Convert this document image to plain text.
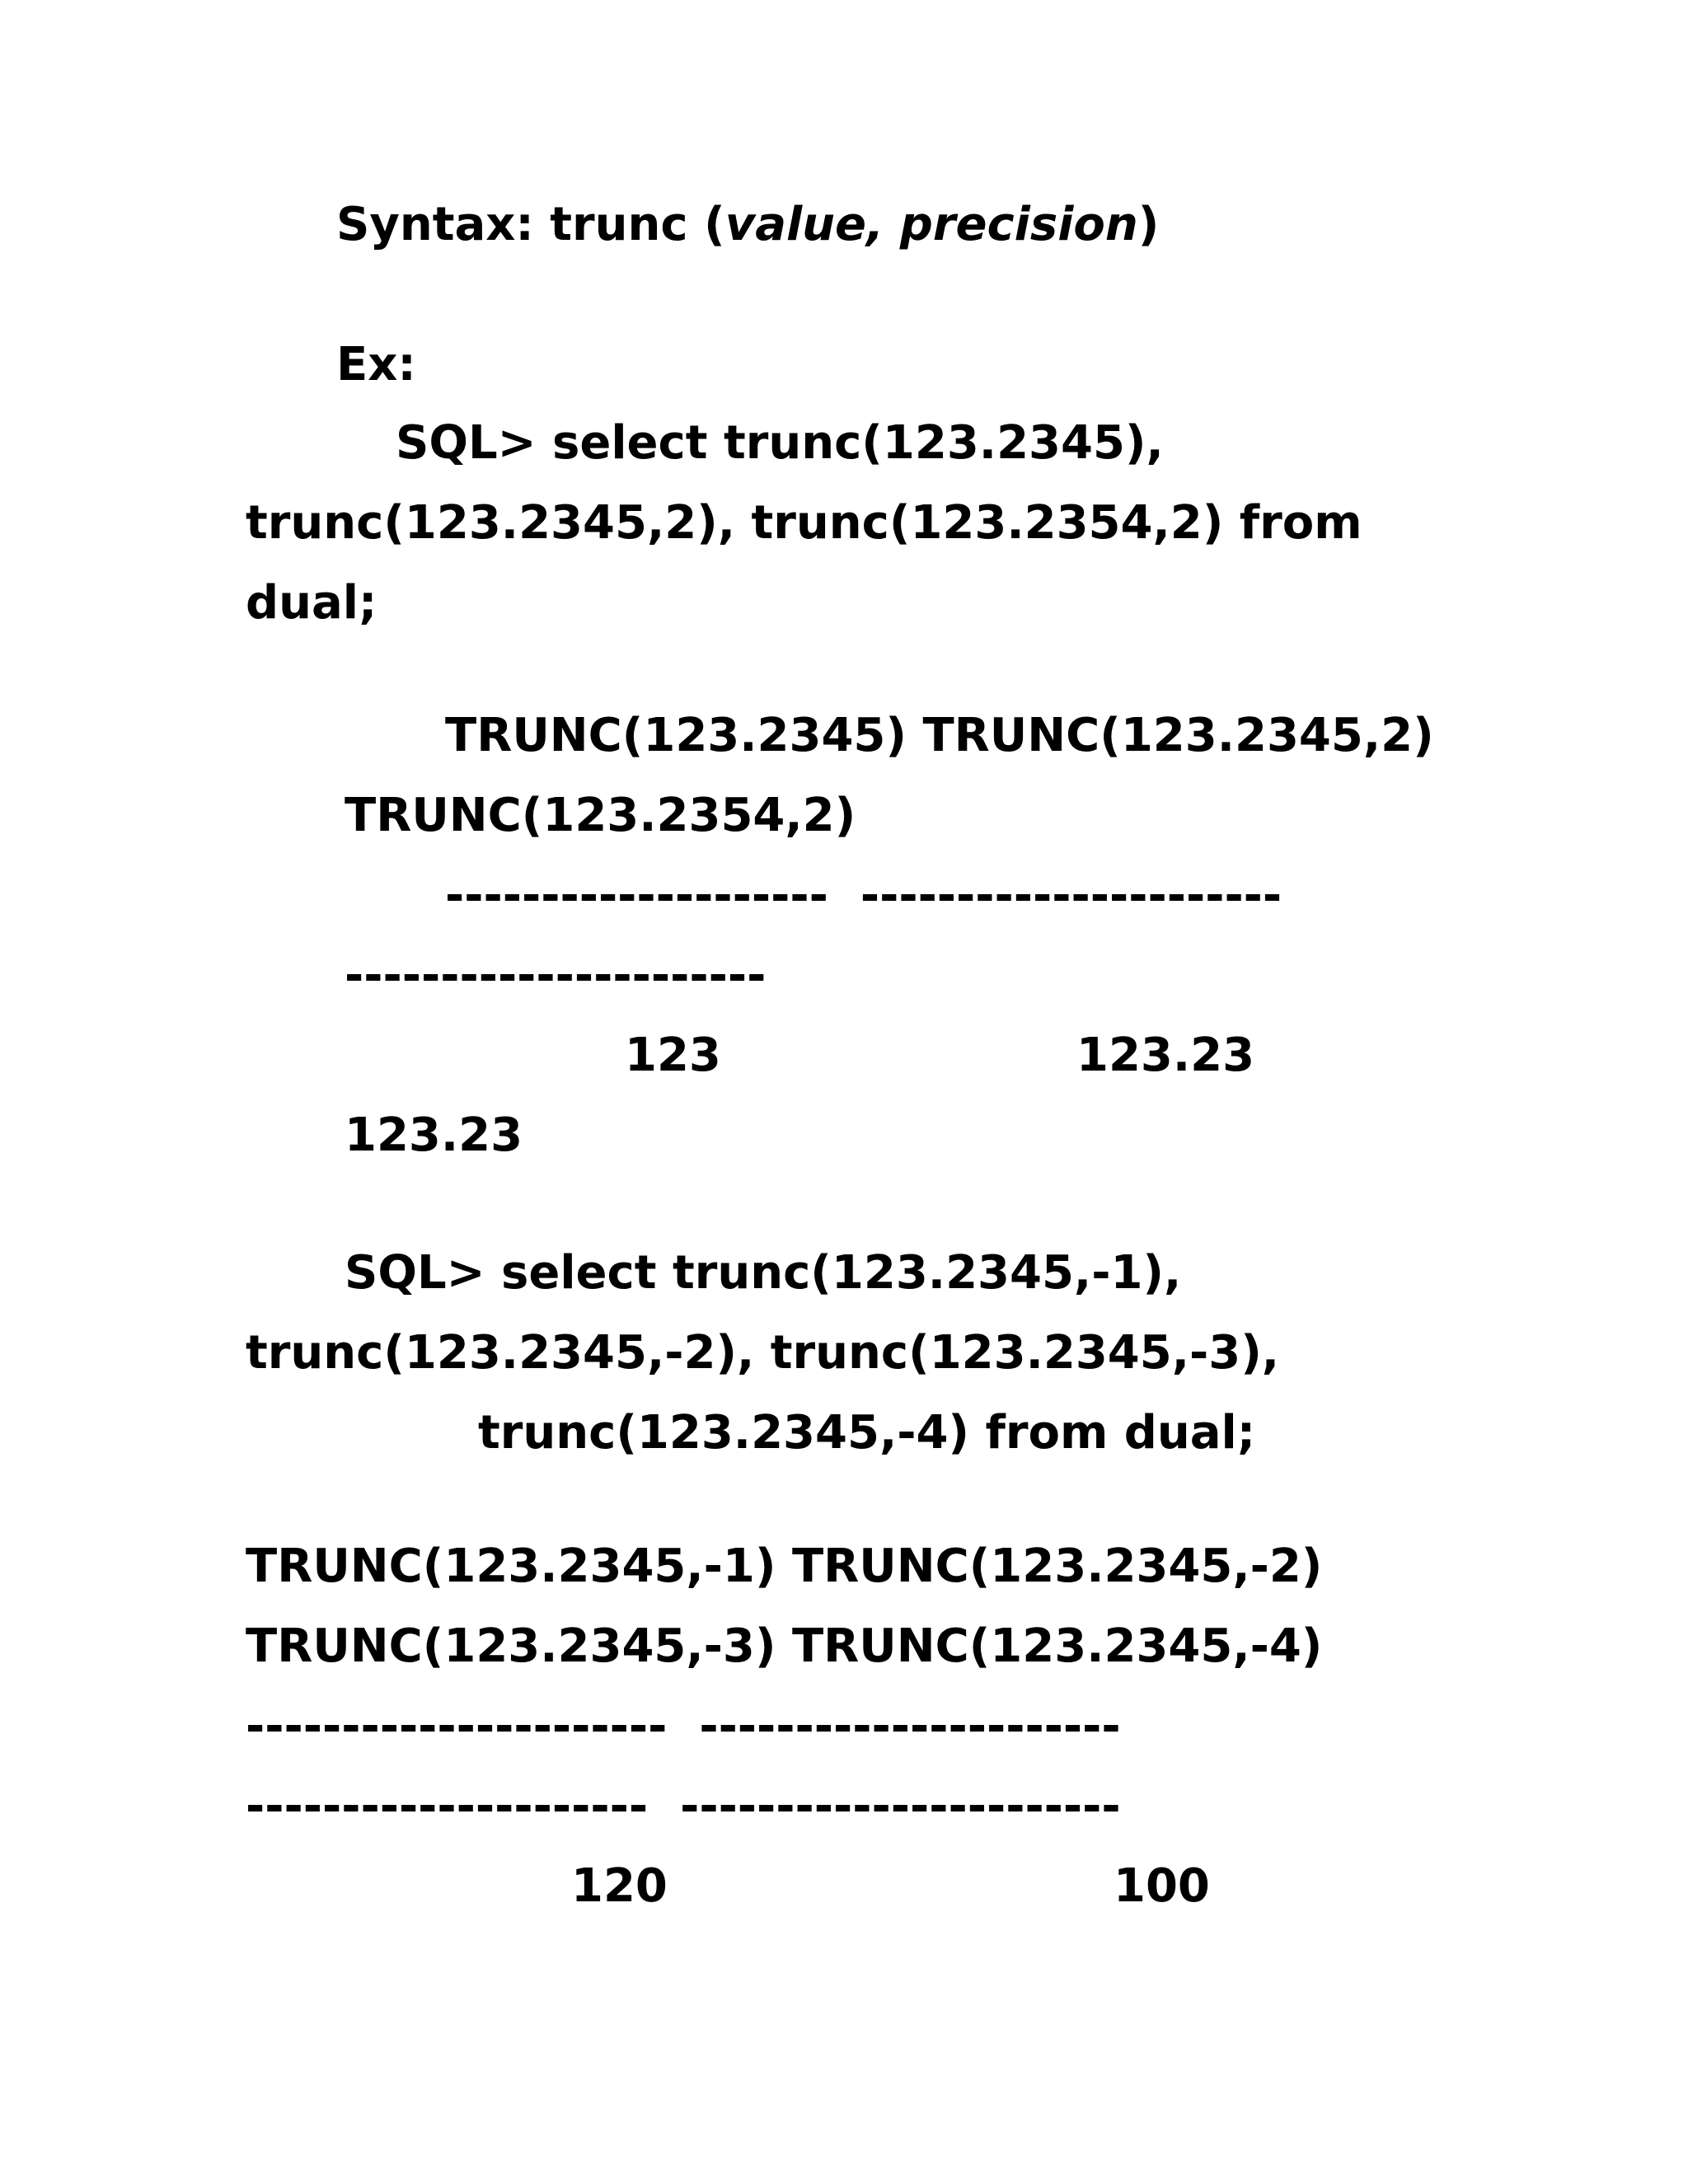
Syntax: trunc (value, precision)

Ex:

SQL> select trunc(123.2345),

trunc(123.2345,2), trunc(123.2354,2) from

dual;

TRUNC(123.2345) TRUNC(123.2345,2)

TRUNC(123.2354,2)

--------------------  ----------------------

----------------------

123	123.23

123.23

SQL> select trunc(123.2345,-1),

trunc(123.2345,-2), trunc(123.2345,-3),

trunc(123.2345,-4) from dual;

TRUNC(123.2345,-1) TRUNC(123.2345,-2)

TRUNC(123.2345,-3) TRUNC(123.2345,-4)

----------------------  ----------------------

---------------------  -----------------------

120	100
